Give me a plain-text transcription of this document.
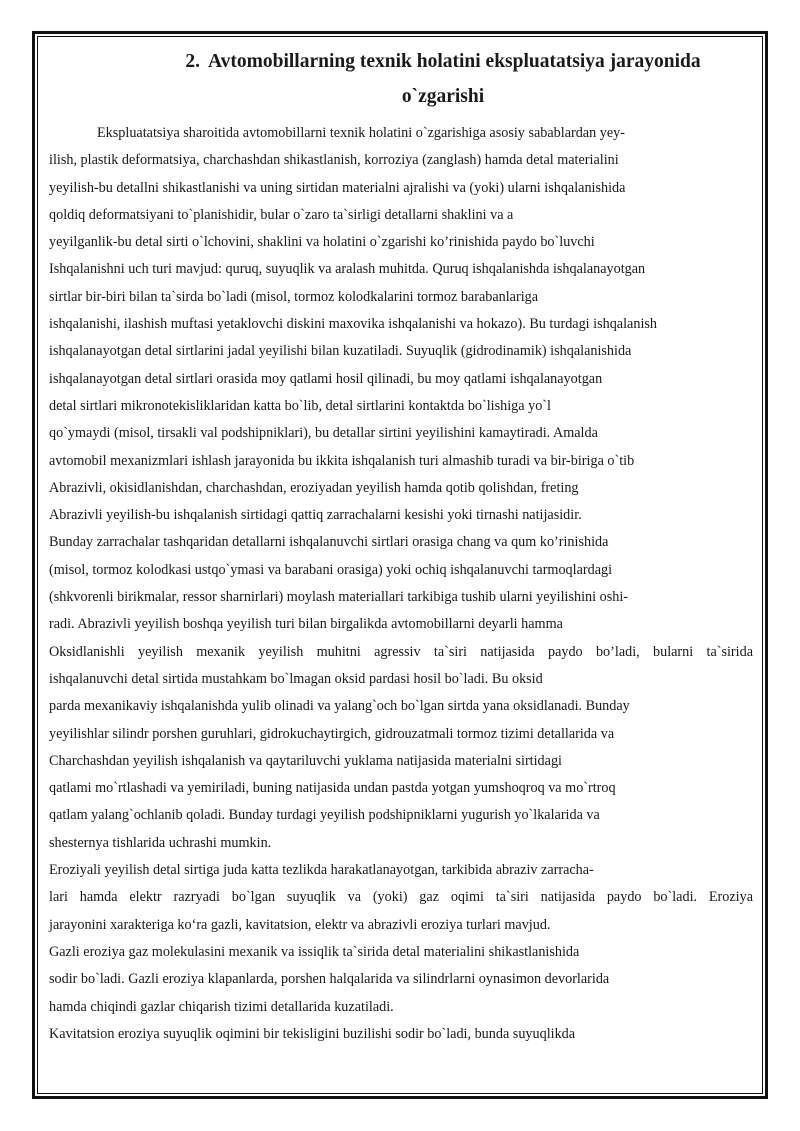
2. Avtomobillarning texnik holatini ekspluatatsiya jarayonida
o`zgarishi
Ekspluatatsiya sharoitida avtomobillarni texnik holatini o`zgarishiga asosiy sabablardan yey-
ilish, plastik deformatsiya, charchashdan shikastlanish, korroziya (zanglash) hamda detal materialini
yeyilish-bu detallni shikastlanishi va uning sirtidan materialni ajralishi va (yoki) ularni ishqalanishida
qoldiq deformatsiyani to`planishidir, bular o`zaro ta`sirligi detallarni shaklini va a
yeyilganlik-bu detal sirti o`lchovini, shaklini va holatini o`zgarishi ko’rinishida paydo bo`luvchi
Ishqalanishni uch turi mavjud: quruq, suyuqlik va aralash muhitda. Quruq ishqalanishda ishqalanayotgan
sirtlar bir-biri bilan ta`sirda bo`ladi (misol, tormoz kolodkalarini tormoz barabanlariga
ishqalanishi, ilashish muftasi yetaklovchi diskini maxovika ishqalanishi va hokazo). Bu turdagi ishqalanish
ishqalanayotgan detal sirtlarini jadal yeyilishi bilan kuzatiladi. Suyuqlik (gidrodinamik) ishqalanishida
ishqalanayotgan detal sirtlari orasida moy qatlami hosil qilinadi, bu moy qatlami ishqalanayotgan
detal sirtlari mikronotekisliklaridan katta bo`lib, detal sirtlarini kontaktda bo`lishiga yo`l
qo`ymaydi (misol, tirsakli val podshipniklari), bu detallar sirtini yeyilishini kamaytiradi. Amalda
avtomobil mexanizmlari ishlash jarayonida bu ikkita ishqalanish turi almashib turadi va bir-biriga o`tib
Abrazivli, okisidlanishdan, charchashdan, eroziyadan yeyilish hamda qotib qolishdan, freting
Abrazivli yeyilish-bu ishqalanish sirtidagi qattiq zarrachalarni kesishi yoki tirnashi natijasidir.
Bunday zarrachalar tashqaridan detallarni ishqalanuvchi sirtlari orasiga chang va qum ko’rinishida
(misol, tormoz kolodkasi ustqo`ymasi va barabani orasiga) yoki ochiq ishqalanuvchi tarmoqlardagi
(shkvorenli birikmalar, ressor sharnirlari) moylash materiallari tarkibiga tushib ularni yeyilishini oshi-
radi. Abrazivli yeyilish boshqa yeyilish turi bilan birgalikda avtomobillarni deyarli hamma
Oksidlanishli yeyilish mexanik yeyilish muhitni agressiv ta`siri natijasida paydo bo’ladi, bularni ta`sirida
ishqalanuvchi detal sirtida mustahkam bo`lmagan oksid pardasi hosil bo`ladi. Bu oksid
parda mexanikaviy ishqalanishda yulib olinadi va yalang`och bo`lgan sirtda yana oksidlanadi. Bunday
yeyilishlar silindr porshen guruhlari, gidrokuchaytirgich, gidrouzatmali tormoz tizimi detallarida va
Charchashdan yeyilish ishqalanish va qaytariluvchi yuklama natijasida materialni sirtidagi
qatlami mo`rtlashadi va yemiriladi, buning natijasida undan pastda yotgan yumshoqroq va mo`rtroq
qatlam yalang`ochlanib qoladi. Bunday turdagi yeyilish podshipniklarni yugurish yo`lkalarida va
shesternya tishlarida uchrashi mumkin.
Eroziyali yeyilish detal sirtiga juda katta tezlikda harakatlanayotgan, tarkibida abraziv zarracha-
lari hamda elektr razryadi bo`lgan suyuqlik va (yoki) gaz oqimi ta`siri natijasida paydo bo`ladi. Eroziya
jarayonini xarakteriga ko‘ra gazli, kavitatsion, elektr va abrazivli eroziya turlari mavjud.
Gazli eroziya gaz molekulasini mexanik va issiqlik ta`sirida detal materialini shikastlanishida
sodir bo`ladi. Gazli eroziya klapanlarda, porshen halqalarida va silindrlarni oynasimon devorlarida
hamda chiqindi gazlar chiqarish tizimi detallarida kuzatiladi.
Kavitatsion eroziya suyuqlik oqimini bir tekisligini buzilishi sodir bo`ladi, bunda suyuqlikda
